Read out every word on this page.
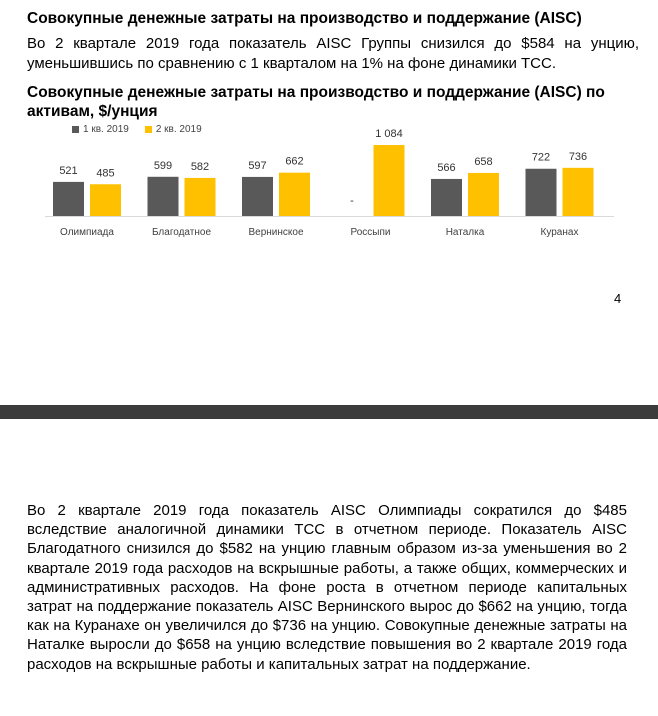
Совокупные денежные затраты на производство и поддержание (AISC)
Во 2 квартале 2019 года показатель AISC Группы снизился до $584 на унцию, уменьшившись по сравнению с 1 кварталом на 1% на фоне динамики TCC.
Совокупные денежные затраты на производство и поддержание (AISC) по активам, $/унция
1 кв. 2019	2 кв. 2019
521 485
Олимпиада
599 582
Благодатное
597 662
Вернинское
-
1 084
Россыпи
566
658
Наталка
722 736
Куранах
4
Во 2 квартале 2019 года показатель AISC Олимпиады сократился до $485 вследствие аналогичной динамики ТСС в отчетном периоде. Показатель AISC Благодатного снизился до $582 на унцию главным образом из-за уменьшения во 2 квартале 2019 года расходов на вскрышные работы, а также общих, коммерческих и административных расходов. На фоне роста в отчетном периоде капитальных затрат на поддержание показатель AISC Вернинского вырос до $662 на унцию, тогда как на Куранахе он увеличился до $736 на унцию. Совокупные денежные затраты на Наталке выросли до $658 на унцию вследствие повышения во 2 квартале 2019 года расходов на вскрышные работы и капитальных затрат на поддержание.
